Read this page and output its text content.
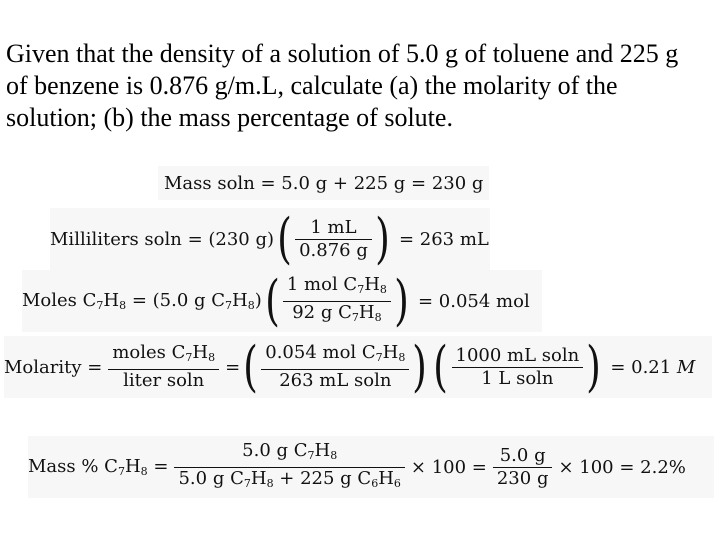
Given that the density of a solution of 5.0 g of toluene and 225 g of benzene is 0.876 g/m.L, calculate (a) the molarity of the solution; (b) the mass percentage of solute.
Mass soln = 5.0 g + 225 g = 230 g
Milliliters soln = (230 g) ( $\frac{1 mL}{0.876 g}$ ) = 263 mL
Moles $C_7H_8 = (5.0$ g $C_7H_8$) ( $\frac{1 mol C_7H_8}{92 g C_7H_8}$ ) = 0.054 mol
Molarity = $\frac{moles C_7H_8}{\text{liter soln}}$ = ( $\frac{0.054 mol C_7H_8}{\text{263 mL soln}}$ ) ( $\frac{\text{1000 mL soln}}{\text{1 L soln}}$ ) = 0.21 M
Mass % $C_7H_8 = \frac{5.0 g C_7H_8}{5.0 g C_7H_8 + 225 g C_6H_6} \times 100 = \frac{5.0 g}{230 g} \times 100 = 2.2\%$
